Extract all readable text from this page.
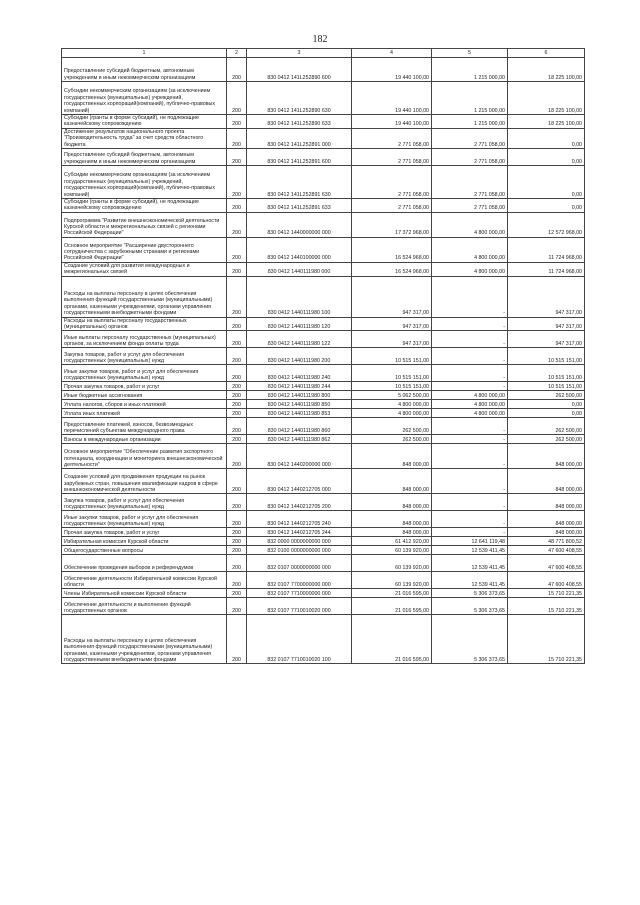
182
1	2	3	4	5	6
Предоставление субсидий бюджетным, автономным учреждениям и иным некоммерческим организациям	200	830 0412 141L252890 600	19 440 100,00	1 215 000,00	18 225 100,00
Субсидии некоммерческим организациям (за исключением государственных (муниципальных) учреждений, государственных корпораций(компаний), публично-правовых компаний)	200	830 0412 141L252890 630	19 440 100,00	1 215 000,00	18 225 100,00
Субсидии (гранты в форме субсидий), не подлежащие казначейскому сопровождению	200	830 0412 141L252890 633	19 440 100,00	1 215 000,00	18 225 100,00
Достижение результатов национального проекта "Производительность труда" за счет средств областного бюджета	200	830 0412 141L252891 000	2 771 058,00	2 771 058,00	0,00
Предоставление субсидий бюджетным, автономным учреждениям и иным некоммерческим организациям	200	830 0412 141L252891 600	2 771 058,00	2 771 058,00	0,00
Субсидии некоммерческим организациям (за исключением государственных (муниципальных) учреждений, государственных корпораций(компаний), публично-правовых компаний)	200	830 0412 141L252891 630	2 771 058,00	2 771 058,00	0,00
Субсидии (гранты в форме субсидий), не подлежащие казначейскому сопровождению	200	830 0412 141L252891 633	2 771 058,00	2 771 058,00	0,00
Подпрограмма "Развитие внешнеэкономической деятельности Курской области и межрегиональных связей с регионами Российской Федерации"	200	830 0412 1440000000 000	17 372 968,00	4 800 000,00	12 572 968,00
Основное мероприятие "Расширение двустороннего сотрудничества с зарубежными странами и регионами Российской Федерации"	200	830 0412 1440100000 000	16 524 968,00	4 800 000,00	11 724 968,00
Создание условий для развития международных и межрегиональных связей	200	830 0412 1440111980 000	16 524 968,00	4 800 000,00	11 724 968,00
Расходы на выплаты персоналу в целях обеспечения выполнения функций государственными (муниципальными) органами, казенными учреждениями, органами управления государственными внебюджетными фондами	200	830 0412 1440111980 100	947 317,00	-	947 317,00
Расходы на выплаты персоналу государственных (муниципальных) органов	200	830 0412 1440111980 120	947 317,00	-	947 317,00
Иные выплаты персоналу государственных (муниципальных) органов, за исключением фонда оплаты труда	200	830 0412 1440111980 122	947 317,00	-	947 317,00
Закупка товаров, работ и услуг для обеспечения государственных (муниципальных) нужд	200	830 0412 1440111980 200	10 515 151,00	-	10 515 151,00
Иные закупки товаров, работ и услуг для обеспечения государственных (муниципальных) нужд	200	830 0412 1440111980 240	10 515 151,00	-	10 515 151,00
Прочая закупка товаров, работ и услуг	200	830 0412 1440111980 244	10 515 151,00	-	10 515 151,00
Иные бюджетные ассигнования	200	830 0412 1440111980 800	5 062 500,00	4 800 000,00	262 500,00
Уплата налогов, сборов и иных платежей	200	830 0412 1440111980 850	4 800 000,00	4 800 000,00	0,00
Уплата иных платежей	200	830 0412 1440111980 853	4 800 000,00	4 800 000,00	0,00
Предоставление платежей, взносов, безвозмездных перечислений субъектам международного права	200	830 0412 1440111980 860	262 500,00	-	262 500,00
Взносы в международные организации	200	830 0412 1440111980 862	262 500,00	-	262 500,00
Основное мероприятие "Обеспечение развития экспортного потенциала, координации и мониторинга внешнеэкономической деятельности"	200	830 0412 1440200000 000	848 000,00	-	848 000,00
Создание условий для продвижения продукции на рынок зарубежных стран, повышения квалификации кадров в сфере внешнеэкономической деятельности	200	830 0412 1440212705 000	848 000,00	-	848 000,00
Закупка товаров, работ и услуг для обеспечения государственных (муниципальных) нужд	200	830 0412 1440212705 200	848 000,00	-	848 000,00
Иные закупки товаров, работ и услуг для обеспечения государственных (муниципальных) нужд	200	830 0412 1440212705 240	848 000,00	-	848 000,00
Прочая закупка товаров, работ и услуг	200	830 0412 1440212705 244	848 000,00	-	848 000,00
Избирательная комиссия Курской области	200	832 0000 0000000000 000	61 412 920,00	12 641 119,48	48 771 800,52
Общегосударственные вопросы	200	832 0100 0000000000 000	60 139 920,00	12 539 411,45	47 600 408,55
Обеспечение проведения выборов и референдумов	200	832 0107 0000000000 000	60 139 920,00	12 539 411,45	47 600 408,55
Обеспечение деятельности Избирательной комиссии Курской области	200	832 0107 7700000000 000	60 139 920,00	12 539 411,45	47 600 408,55
Члены Избирательной комиссии Курской области	200	832 0107 7710000000 000	21 016 595,00	5 306 373,65	15 710 221,35
Обеспечение деятельности и выполнение функций государственных органов	200	832 0107 7710010020 000	21 016 595,00	5 306 373,65	15 710 221,35
Расходы на выплаты персоналу в целях обеспечения выполнения функций государственными (муниципальными) органами, казенными учреждениями, органами управления государственными внебюджетными фондами	200	832 0107 7710010020 100	21 016 595,00	5 306 373,65	15 710 221,35
